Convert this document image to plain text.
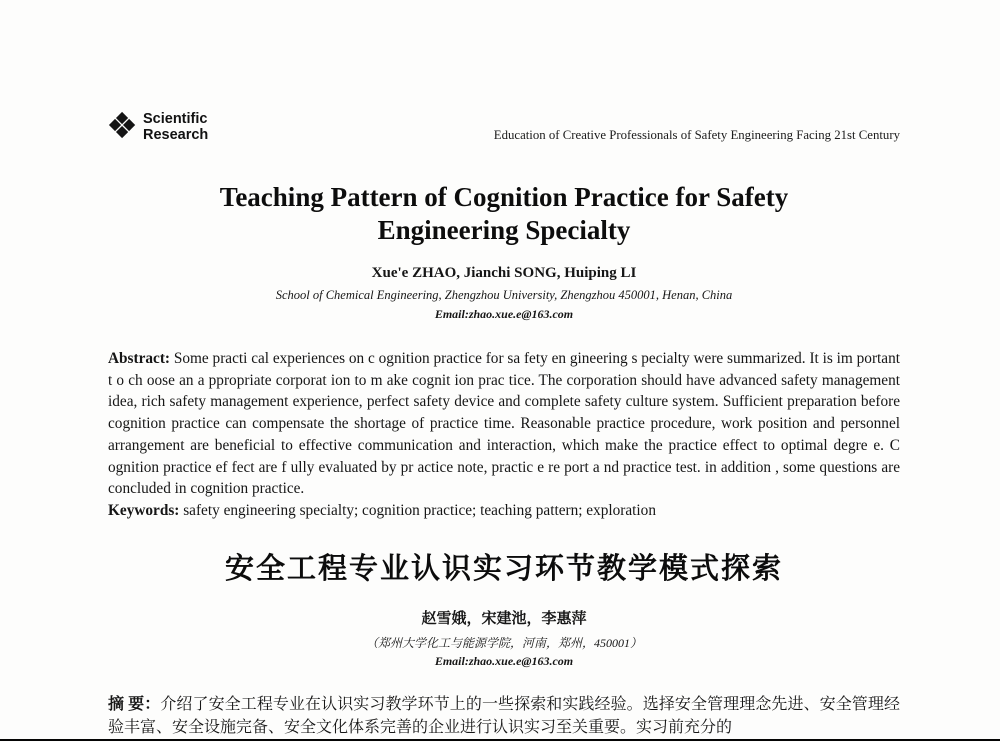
Scientific
Research	Education of Creative Professionals of Safety Engineering Facing 21st Century
Teaching Pattern of Cognition Practice for Safety
Engineering Specialty
Xue'e ZHAO, Jianchi SONG, Huiping LI
School of Chemical Engineering, Zhengzhou University, Zhengzhou 450001, Henan, China
Email:zhao.xue.e@163.com

Abstract: Some practi cal experiences on c ognition practice for sa fety en gineering s pecialty were summarized. It is im portant t o ch oose an a ppropriate corporat ion to m ake cognit ion prac tice. The corporation should have advanced safety management idea, rich safety management experience, perfect safety device and complete safety culture system. Sufficient preparation before cognition practice can compensate the shortage of practice time. Reasonable practice procedure, work position and personnel arrangement are beneficial to effective communication and interaction, which make the practice effect to optimal degre e. C ognition practice ef fect are f ully evaluated by pr actice note, practic e re port a nd practice test. in addition , some questions are concluded in cognition practice.

Keywords: safety engineering specialty; cognition practice; teaching pattern; exploration

安全工程专业认识实习环节教学模式探索
赵雪娥，宋建池，李惠萍
（郑州大学化工与能源学院，河南，郑州，450001）
Email:zhao.xue.e@163.com

摘 要：介绍了安全工程专业在认识实习教学环节上的一些探索和实践经验。选择安全管理理念先进、安全管理经验丰富、安全设施完备、安全文化体系完善的企业进行认识实习至关重要。实习前充分的
